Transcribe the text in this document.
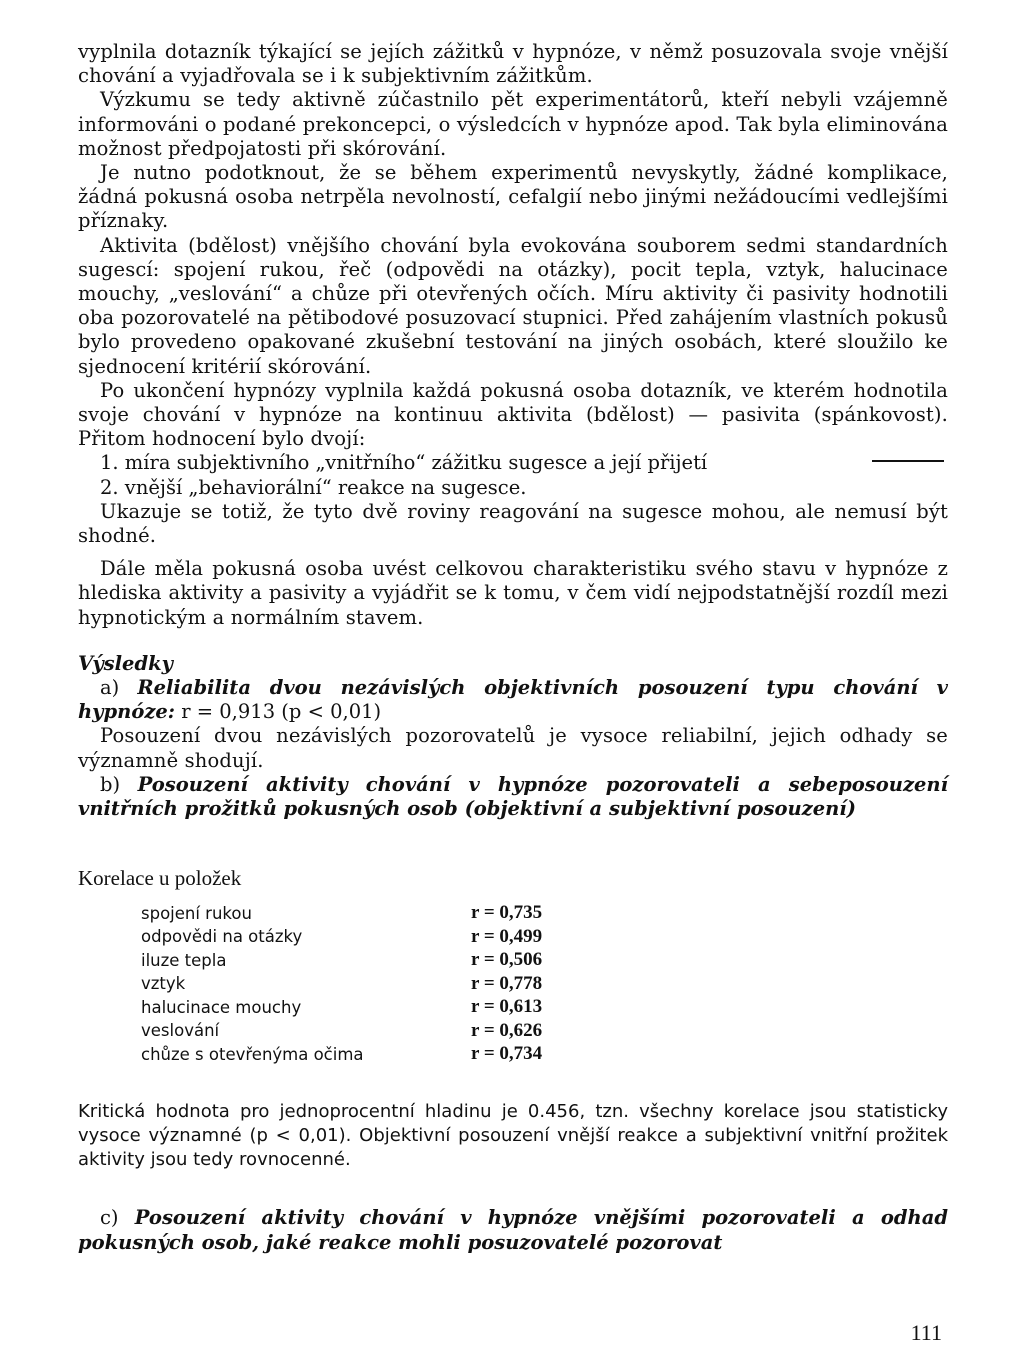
vyplnila dotazník týkající se jejích zážitků v hypnóze, v němž posuzovala svoje vnější chování a vyjadřovala se i k subjektivním zážitkům.

Výzkumu se tedy aktivně zúčastnilo pět experimentátorů, kteří nebyli vzájemně informováni o podané prekoncepci, o výsledcích v hypnóze apod. Tak byla eliminována možnost předpojatosti při skórování.

Je nutno podotknout, že se během experimentů nevyskytly, žádné komplikace, žádná pokusná osoba netrpěla nevolností, cefalgií nebo jinými nežádoucími vedlejšími příznaky.

Aktivita (bdělost) vnějšího chování byla evokována souborem sedmi standardních sugescí: spojení rukou, řeč (odpovědi na otázky), pocit tepla, vztyk, halucinace mouchy, „veslování“ a chůze při otevřených očích. Míru aktivity či pasivity hodnotili oba pozorovatelé na pětibodové posuzovací stupnici. Před zahájením vlastních pokusů bylo provedeno opakované zkušební testování na jiných osobách, které sloužilo ke sjednocení kritérií skórování.

Po ukončení hypnózy vyplnila každá pokusná osoba dotazník, ve kterém hodnotila svoje chování v hypnóze na kontinuu aktivita (bdělost) — pasivita (spánkovost). Přitom hodnocení bylo dvojí:

1. míra subjektivního „vnitřního“ zážitku sugesce a její přijetí

2. vnější „behaviorální“ reakce na sugesce.

Ukazuje se totiž, že tyto dvě roviny reagování na sugesce mohou, ale nemusí být shodné.

Dále měla pokusná osoba uvést celkovou charakteristiku svého stavu v hypnóze z hlediska aktivity a pasivity a vyjádřit se k tomu, v čem vidí nejpodstatnější rozdíl mezi hypnotickým a normálním stavem.

Výsledky

a) Reliabilita dvou nezávislých objektivních posouzení typu chování v hypnóze: r = 0,913 (p < 0,01)

Posouzení dvou nezávislých pozorovatelů je vysoce reliabilní, jejich odhady se významně shodují.

b) Posouzení aktivity chování v hypnóze pozorovateli a sebeposouzení vnitřních prožitků pokusných osob (objektivní a subjektivní posouzení)

Korelace u položek

spojení rukou	r = 0,735
odpovědi na otázky	r = 0,499
iluze tepla	r = 0,506
vztyk	r = 0,778
halucinace mouchy	r = 0,613
veslování	r = 0,626
chůze s otevřenýma očima	r = 0,734

Kritická hodnota pro jednoprocentní hladinu je 0.456, tzn. všechny korelace jsou statisticky vysoce významné (p < 0,01). Objektivní posouzení vnější reakce a subjektivní vnitřní prožitek aktivity jsou tedy rovnocenné.

c) Posouzení aktivity chování v hypnóze vnějšími pozorovateli a odhad pokusných osob, jaké reakce mohli posuzovatelé pozorovat

111
